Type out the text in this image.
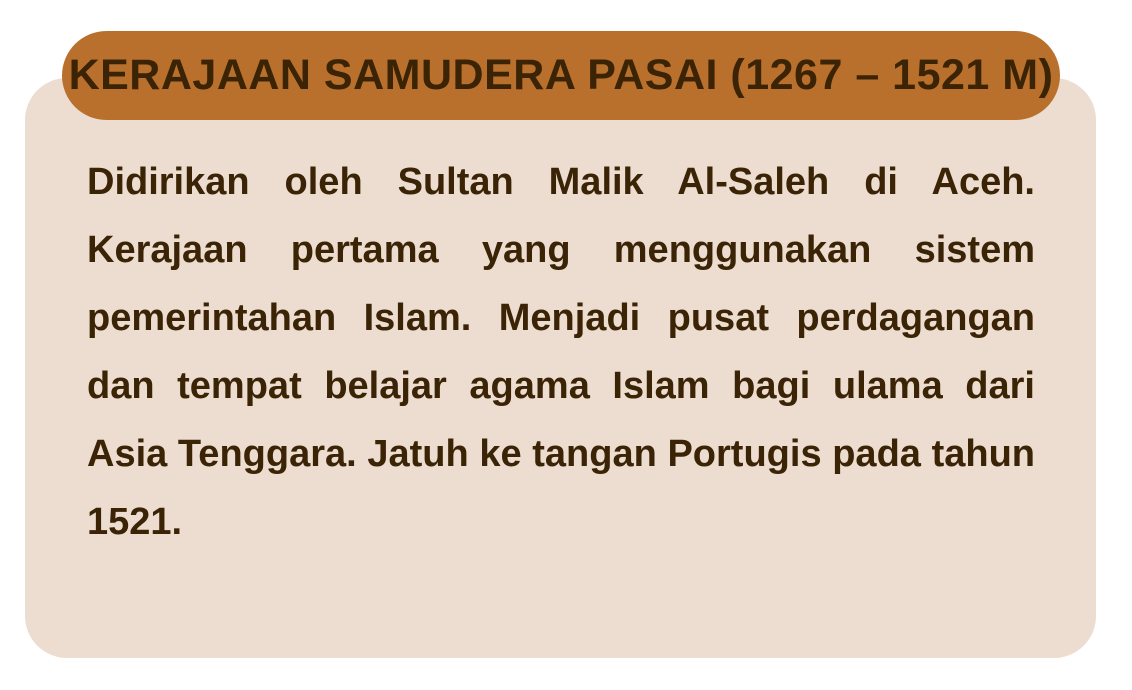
KERAJAAN SAMUDERA PASAI (1267 – 1521 M)

Didirikan oleh Sultan Malik Al-Saleh di Aceh. Kerajaan pertama yang menggunakan sistem pemerintahan Islam. Menjadi pusat perdagangan dan tempat belajar agama Islam bagi ulama dari Asia Tenggara. Jatuh ke tangan Portugis pada tahun 1521.
